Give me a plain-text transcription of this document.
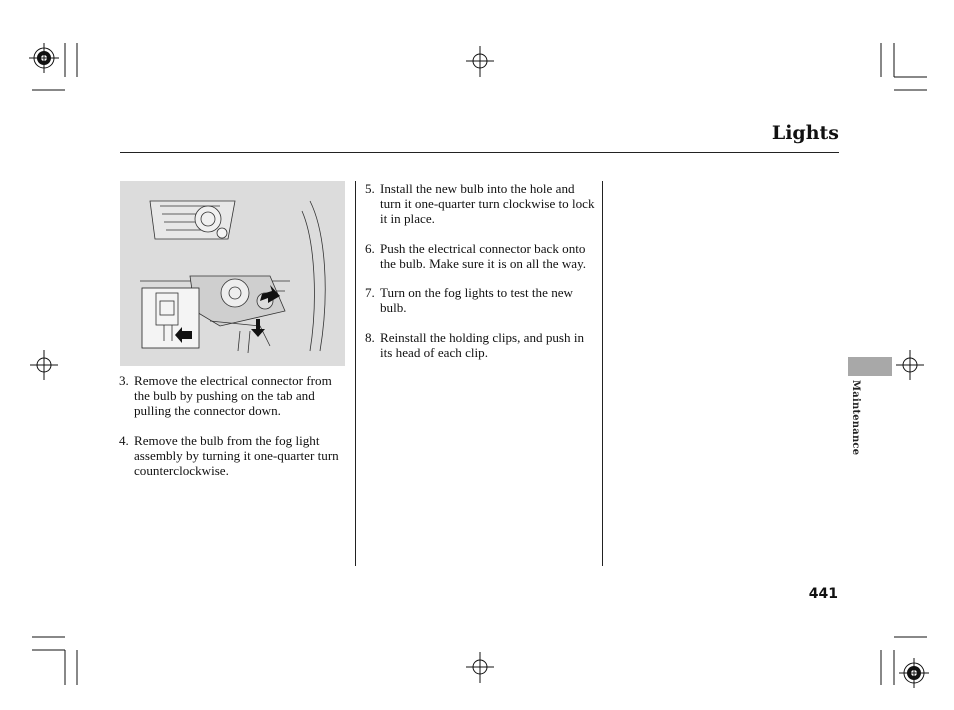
Lights
3. Remove the electrical connector from the bulb by pushing on the tab and pulling the connector down.
4. Remove the bulb from the fog light assembly by turning it one-quarter turn counterclockwise.
5. Install the new bulb into the hole and turn it one-quarter turn clockwise to lock it in place.
6. Push the electrical connector back onto the bulb. Make sure it is on all the way.
7. Turn on the fog lights to test the new bulb.
8. Reinstall the holding clips, and push in its head of each clip.
Maintenance
441
